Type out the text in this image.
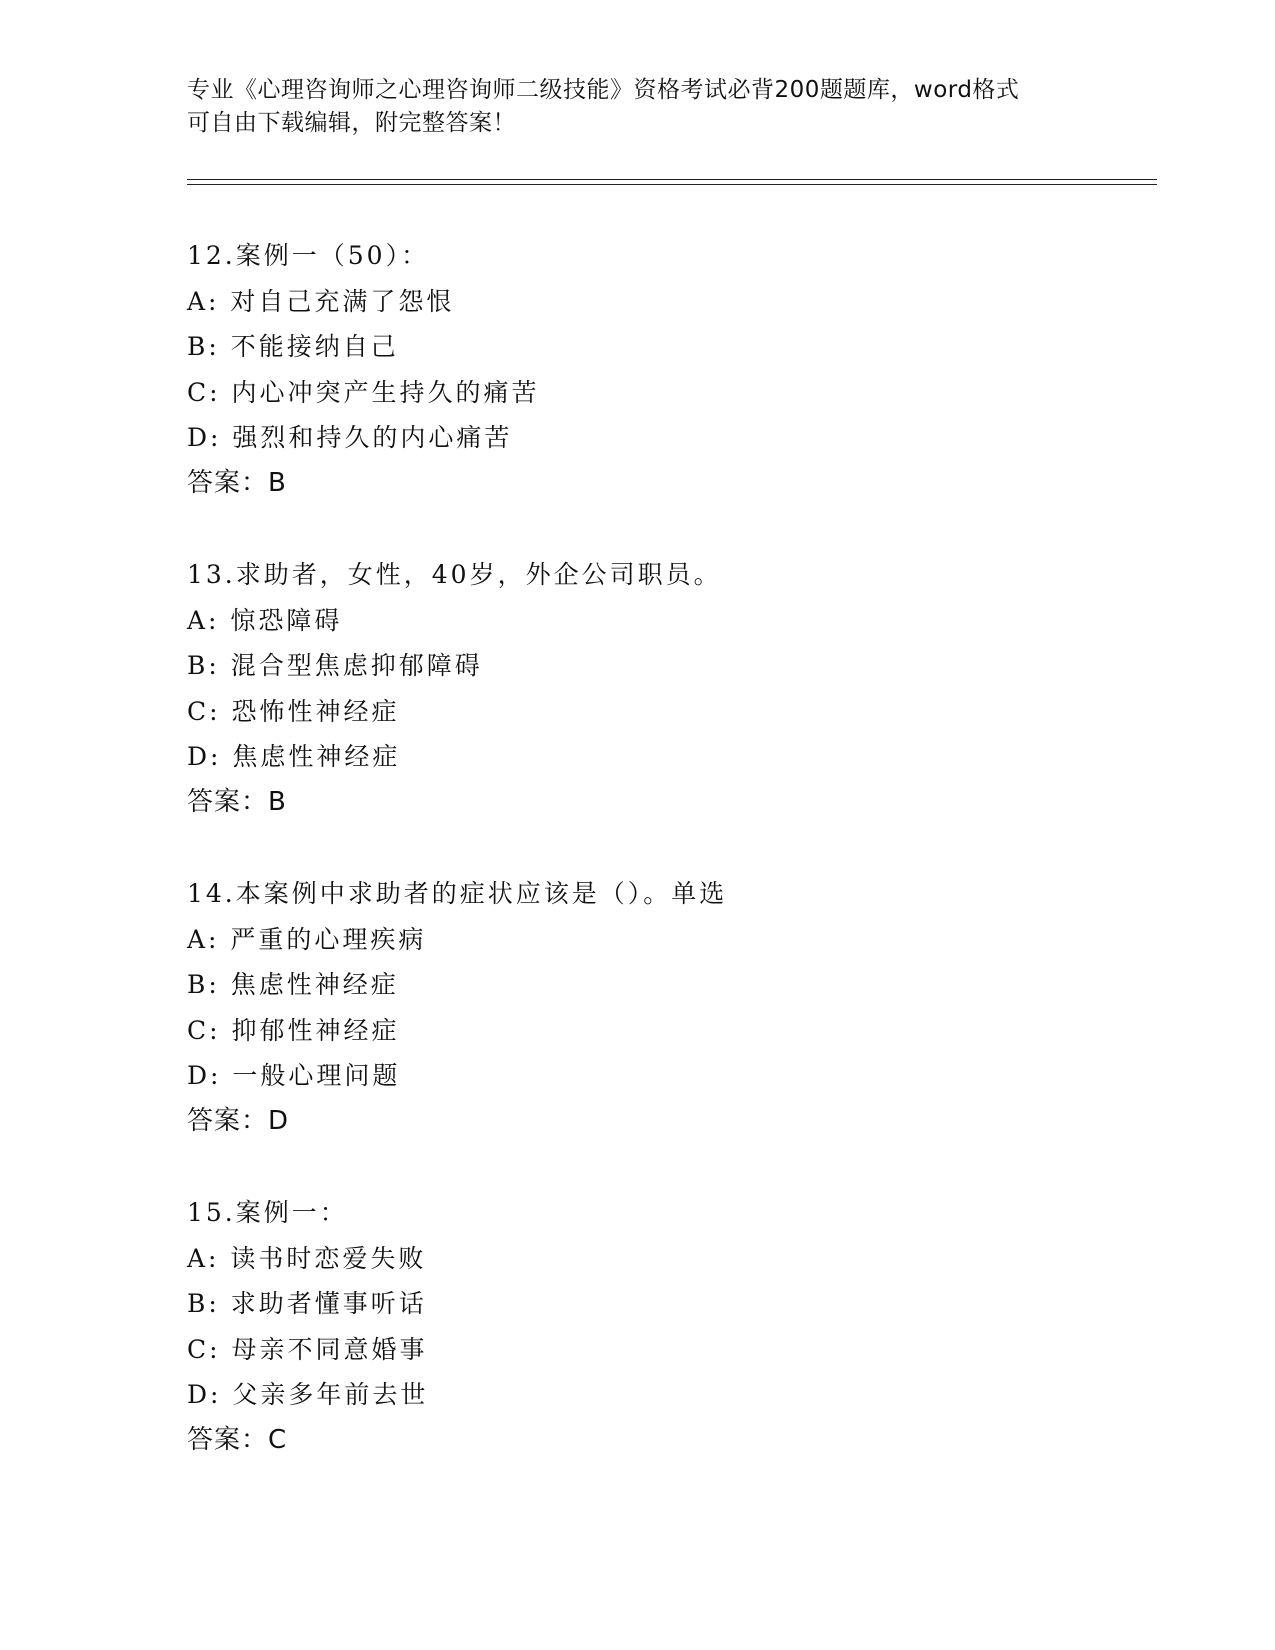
专业《心理咨询师之心理咨询师二级技能》资格考试必背200题题库，word格式
可自由下载编辑，附完整答案！
12.案例一（50）：
A: 对自己充满了怨恨
B: 不能接纳自己
C: 内心冲突产生持久的痛苦
D: 强烈和持久的内心痛苦
答案：B
13.求助者，女性，40岁，外企公司职员。
A: 惊恐障碍
B: 混合型焦虑抑郁障碍
C: 恐怖性神经症
D: 焦虑性神经症
答案：B
14.本案例中求助者的症状应该是（）。单选
A: 严重的心理疾病
B: 焦虑性神经症
C: 抑郁性神经症
D: 一般心理问题
答案：D
15.案例一：
A: 读书时恋爱失败
B: 求助者懂事听话
C: 母亲不同意婚事
D: 父亲多年前去世
答案：C
